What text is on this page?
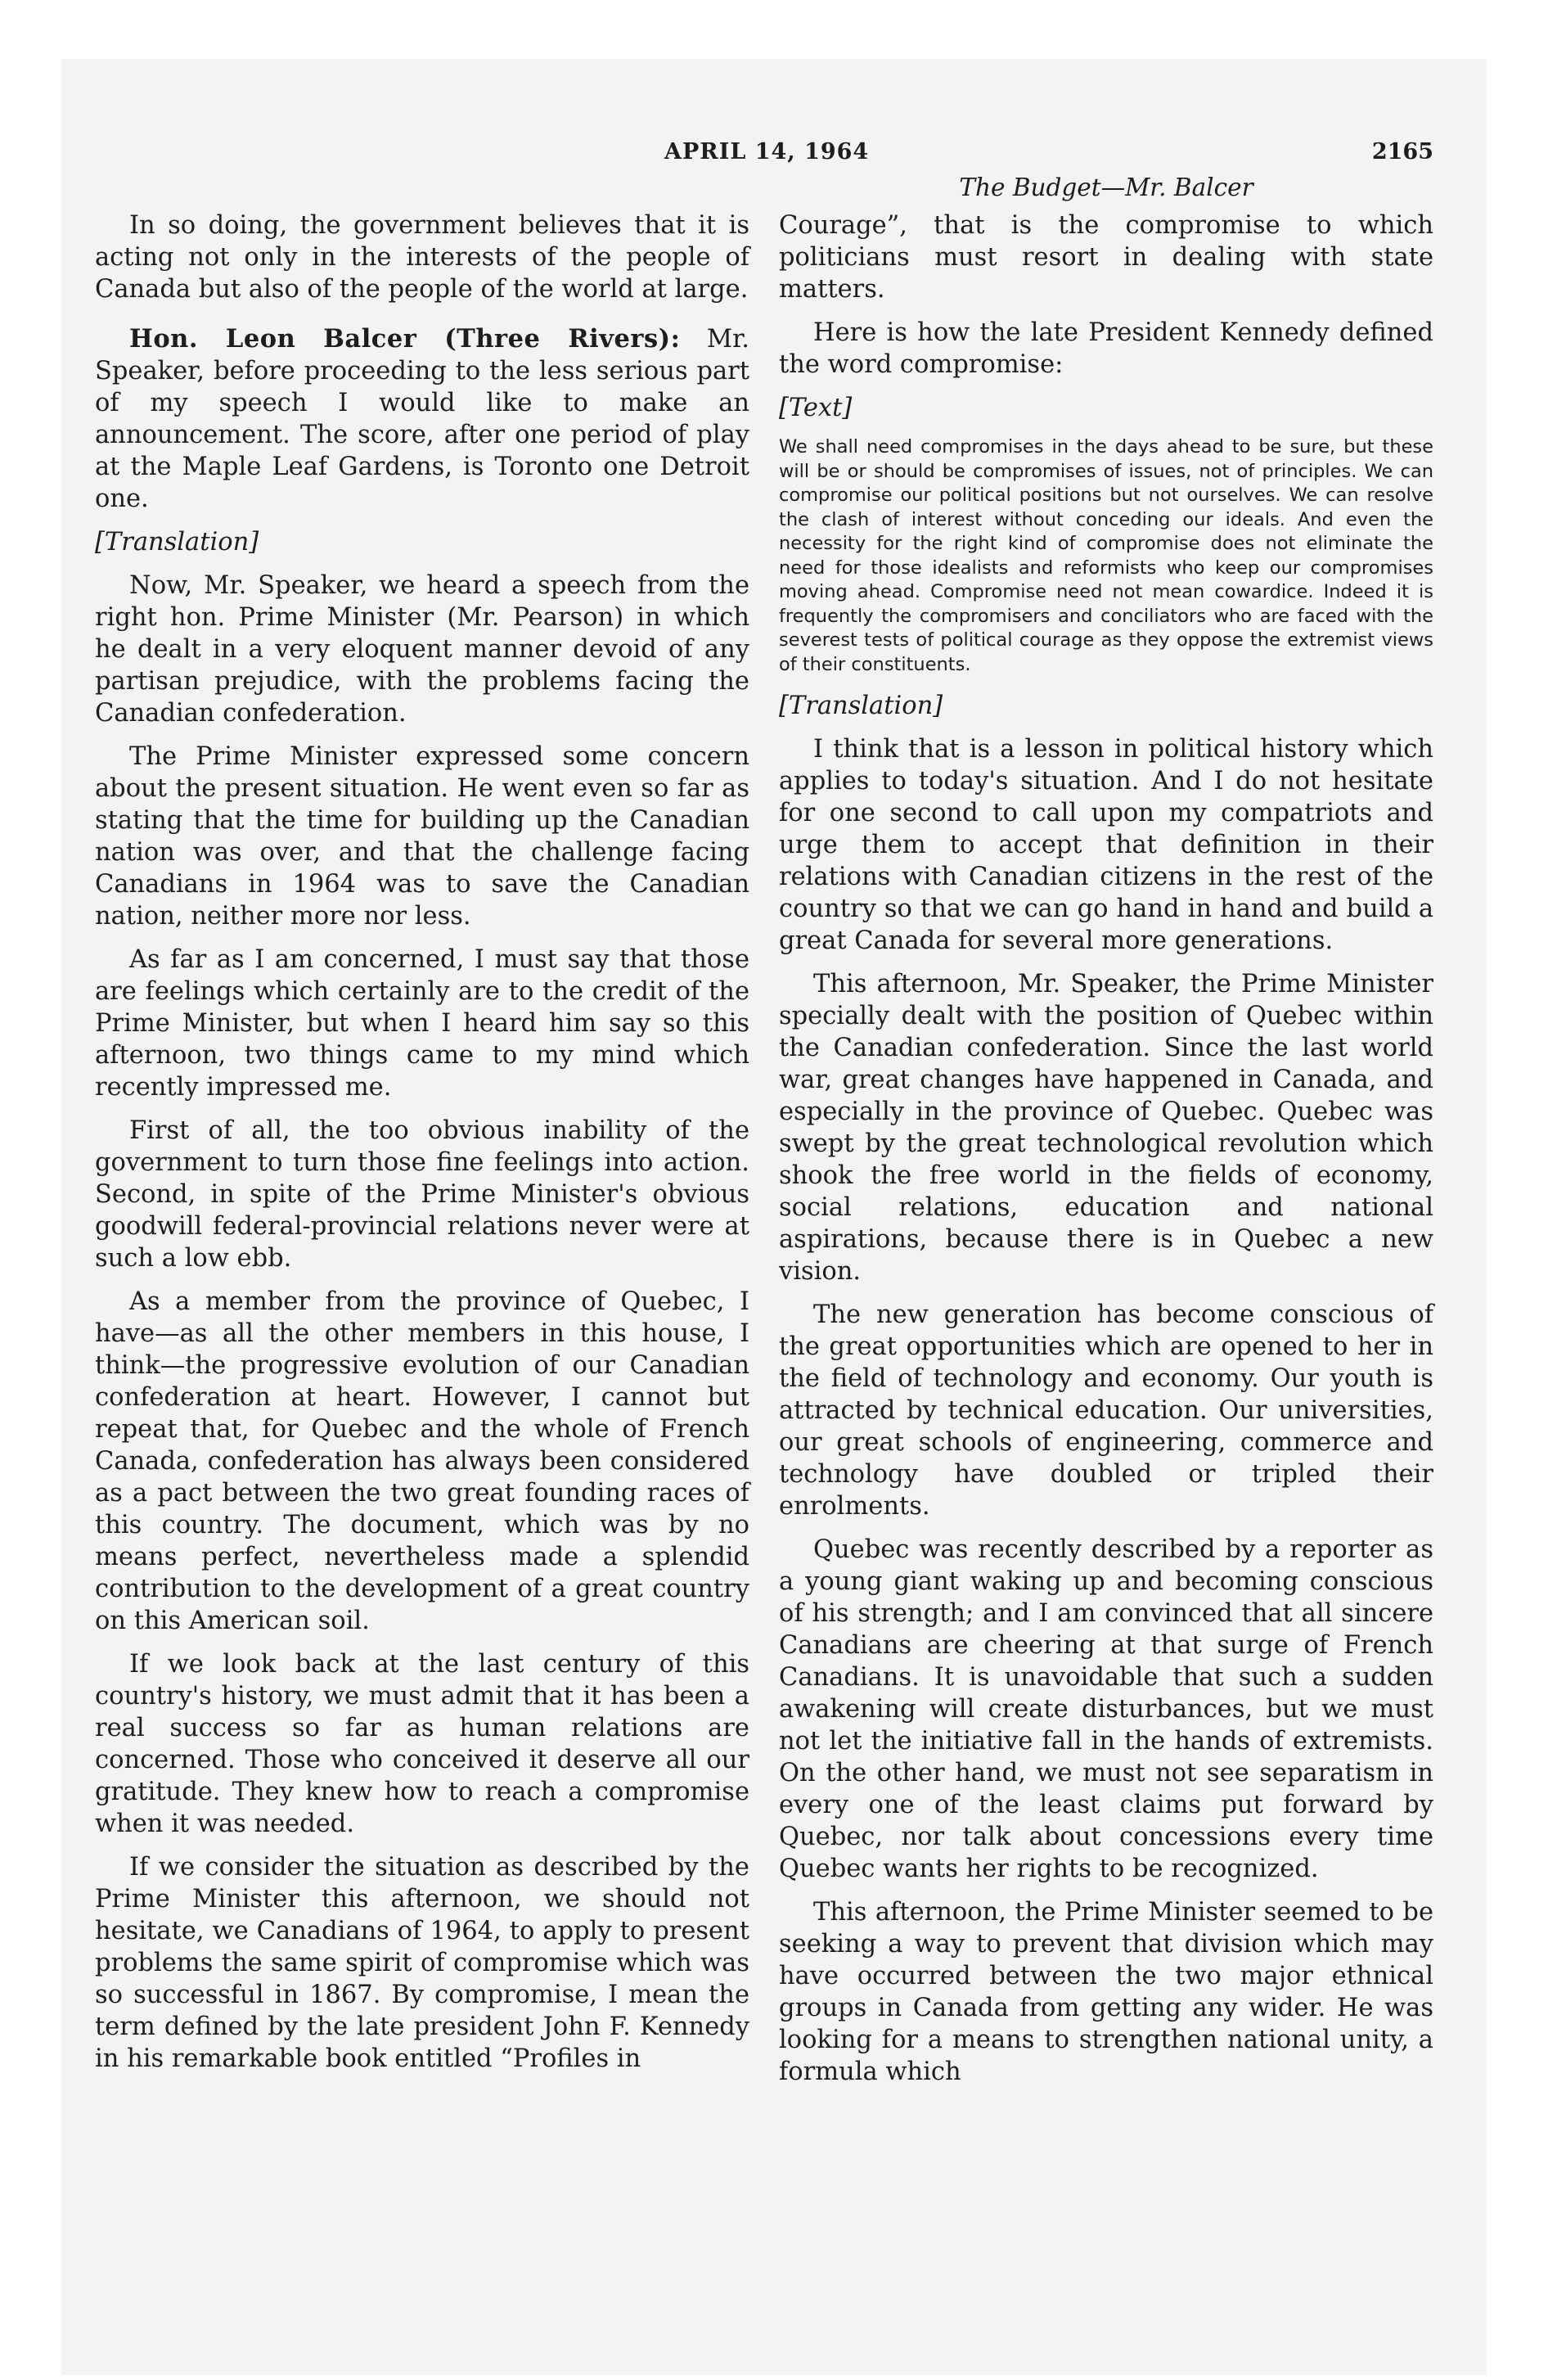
APRIL 14, 1964	2165

In so doing, the government believes that it is acting not only in the interests of the people of Canada but also of the people of the world at large.

Hon. Leon Balcer (Three Rivers): Mr. Speaker, before proceeding to the less serious part of my speech I would like to make an announcement. The score, after one period of play at the Maple Leaf Gardens, is Toronto one Detroit one.

[Translation]

Now, Mr. Speaker, we heard a speech from the right hon. Prime Minister (Mr. Pearson) in which he dealt in a very eloquent manner devoid of any partisan prejudice, with the problems facing the Canadian confederation.

The Prime Minister expressed some concern about the present situation. He went even so far as stating that the time for building up the Canadian nation was over, and that the challenge facing Canadians in 1964 was to save the Canadian nation, neither more nor less.

As far as I am concerned, I must say that those are feelings which certainly are to the credit of the Prime Minister, but when I heard him say so this afternoon, two things came to my mind which recently impressed me.

First of all, the too obvious inability of the government to turn those fine feelings into action. Second, in spite of the Prime Minister's obvious goodwill federal-provincial relations never were at such a low ebb.

As a member from the province of Quebec, I have—as all the other members in this house, I think—the progressive evolution of our Canadian confederation at heart. However, I cannot but repeat that, for Quebec and the whole of French Canada, confederation has always been considered as a pact between the two great founding races of this country. The document, which was by no means perfect, nevertheless made a splendid contribution to the development of a great country on this American soil.

If we look back at the last century of this country's history, we must admit that it has been a real success so far as human relations are concerned. Those who conceived it deserve all our gratitude. They knew how to reach a compromise when it was needed.

If we consider the situation as described by the Prime Minister this afternoon, we should not hesitate, we Canadians of 1964, to apply to present problems the same spirit of compromise which was so successful in 1867. By compromise, I mean the term defined by the late president John F. Kennedy in his remarkable book entitled “Profiles in

The Budget—Mr. Balcer

Courage”, that is the compromise to which politicians must resort in dealing with state matters.

Here is how the late President Kennedy defined the word compromise:

[Text]

We shall need compromises in the days ahead to be sure, but these will be or should be compromises of issues, not of principles. We can compromise our political positions but not ourselves. We can resolve the clash of interest without conceding our ideals. And even the necessity for the right kind of compromise does not eliminate the need for those idealists and reformists who keep our compromises moving ahead. Compromise need not mean cowardice. Indeed it is frequently the compromisers and conciliators who are faced with the severest tests of political courage as they oppose the extremist views of their constituents.

[Translation]

I think that is a lesson in political history which applies to today's situation. And I do not hesitate for one second to call upon my compatriots and urge them to accept that definition in their relations with Canadian citizens in the rest of the country so that we can go hand in hand and build a great Canada for several more generations.

This afternoon, Mr. Speaker, the Prime Minister specially dealt with the position of Quebec within the Canadian confederation. Since the last world war, great changes have happened in Canada, and especially in the province of Quebec. Quebec was swept by the great technological revolution which shook the free world in the fields of economy, social relations, education and national aspirations, because there is in Quebec a new vision.

The new generation has become conscious of the great opportunities which are opened to her in the field of technology and economy. Our youth is attracted by technical education. Our universities, our great schools of engineering, commerce and technology have doubled or tripled their enrolments.

Quebec was recently described by a reporter as a young giant waking up and becoming conscious of his strength; and I am convinced that all sincere Canadians are cheering at that surge of French Canadians. It is unavoidable that such a sudden awakening will create disturbances, but we must not let the initiative fall in the hands of extremists. On the other hand, we must not see separatism in every one of the least claims put forward by Quebec, nor talk about concessions every time Quebec wants her rights to be recognized.

This afternoon, the Prime Minister seemed to be seeking a way to prevent that division which may have occurred between the two major ethnical groups in Canada from getting any wider. He was looking for a means to strengthen national unity, a formula which
